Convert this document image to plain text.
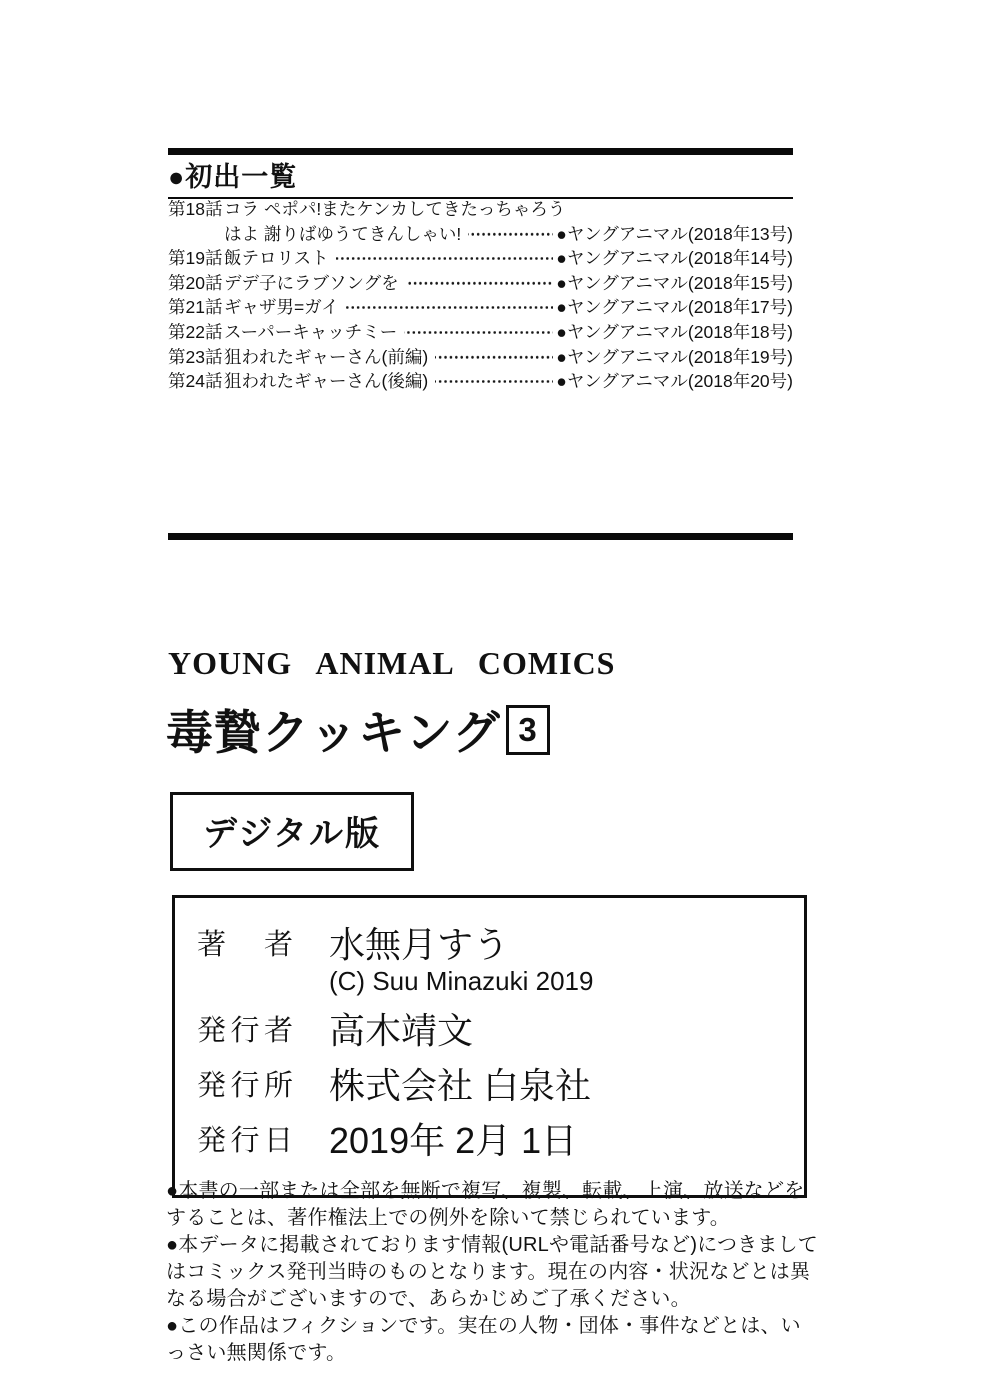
●初出一覧
第18話 コラ ペポパ!またケンカしてきたっちゃろう
はよ 謝りばゆうてきんしゃい!	●ヤングアニマル(2018年13号)
第19話 飯テロリスト	●ヤングアニマル(2018年14号)
第20話 デデ子にラブソングを	●ヤングアニマル(2018年15号)
第21話 ギャザ男=ガイ	●ヤングアニマル(2018年17号)
第22話 スーパーキャッチミー	●ヤングアニマル(2018年18号)
第23話 狙われたギャーさん(前編)	●ヤングアニマル(2018年19号)
第24話 狙われたギャーさん(後編)	●ヤングアニマル(2018年20号)
YOUNG ANIMAL COMICS
毒贄クッキング 3
デジタル版
著者 水無月すう
(C) Suu Minazuki 2019
発行者 高木靖文
発行所 株式会社 白泉社
発行日 2019年 2月 1日

●本書の一部または全部を無断で複写、複製、転載、上演、放送などをすることは、著作権法上での例外を除いて禁じられています。

●本データに掲載されております情報(URLや電話番号など)につきましてはコミックス発刊当時のものとなります。現在の内容・状況などとは異なる場合がございますので、あらかじめご了承ください。

●この作品はフィクションです。実在の人物・団体・事件などとは、いっさい無関係です。
